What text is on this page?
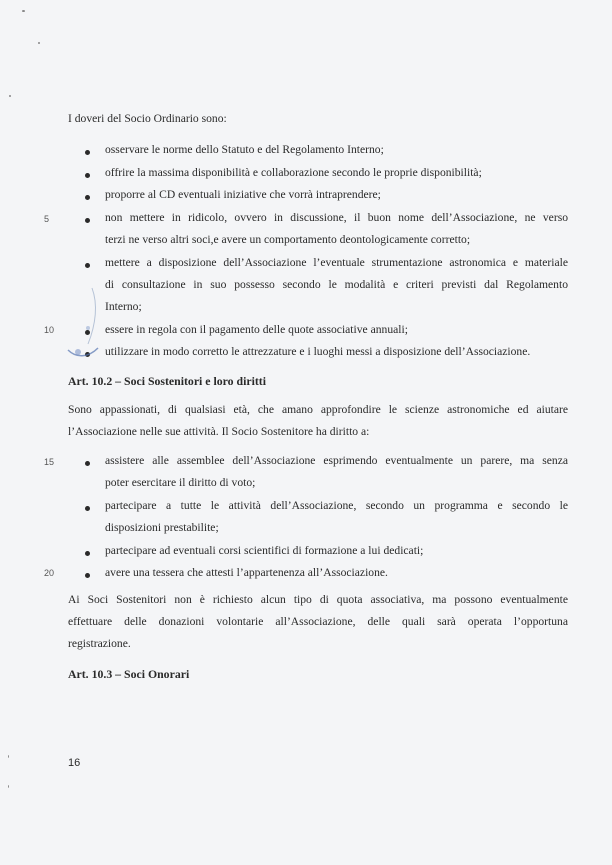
I doveri del Socio Ordinario sono:
osservare le norme dello Statuto e del Regolamento Interno;
offrire la massima disponibilità e collaborazione secondo le proprie disponibilità;
proporre al CD eventuali iniziative che vorrà intraprendere;
non mettere in ridicolo, ovvero in discussione, il buon nome dell’Associazione, ne verso
terzi ne verso altri soci,e avere un comportamento deontologicamente corretto;
mettere a disposizione dell’Associazione l’eventuale strumentazione astronomica e materiale
di consultazione in suo possesso secondo le modalità e criteri previsti dal Regolamento
Interno;
essere in regola con il pagamento delle quote associative annuali;
utilizzare in modo corretto le attrezzature e i luoghi messi a disposizione dell’Associazione.
Art. 10.2 – Soci Sostenitori e loro diritti
Sono appassionati, di qualsiasi età, che amano approfondire le scienze astronomiche ed aiutare
l’Associazione nelle sue attività. Il Socio Sostenitore ha diritto a:
assistere alle assemblee dell’Associazione esprimendo eventualmente un parere, ma senza
poter esercitare il diritto di voto;
partecipare a tutte le attività dell’Associazione, secondo un programma e secondo le
disposizioni prestabilite;
partecipare ad eventuali corsi scientifici di formazione a lui dedicati;
avere una tessera che attesti l’appartenenza all’Associazione.
Ai Soci Sostenitori non è richiesto alcun tipo di quota associativa, ma possono eventualmente
effettuare delle donazioni volontarie all’Associazione, delle quali sarà operata l’opportuna
registrazione.
Art. 10.3 – Soci Onorari
5
10
15
20
16
